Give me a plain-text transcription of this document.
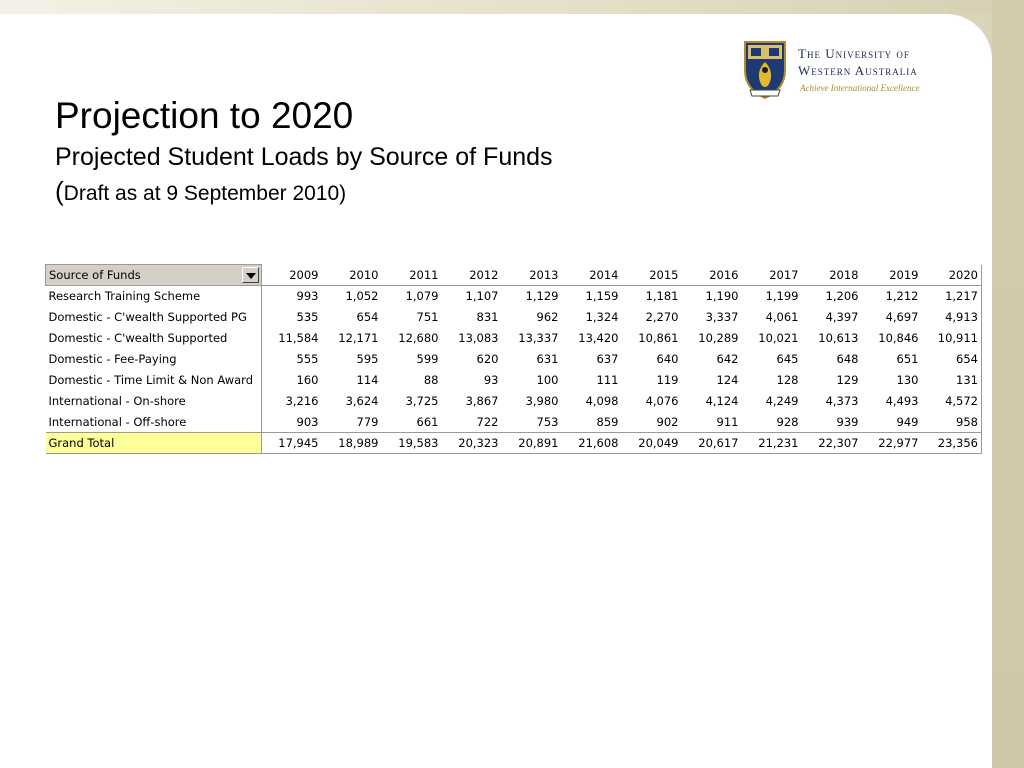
Projection to 2020
Projected Student Loads by Source of Funds
(Draft as at 9 September 2010)
The University of
Western Australia
Achieve International Excellence
Source of Funds	2009	2010	2011	2012	2013	2014	2015	2016	2017	2018	2019	2020
Research Training Scheme	993	1,052	1,079	1,107	1,129	1,159	1,181	1,190	1,199	1,206	1,212	1,217
Domestic - C'wealth Supported PG	535	654	751	831	962	1,324	2,270	3,337	4,061	4,397	4,697	4,913
Domestic - C'wealth Supported	11,584	12,171	12,680	13,083	13,337	13,420	10,861	10,289	10,021	10,613	10,846	10,911
Domestic - Fee-Paying	555	595	599	620	631	637	640	642	645	648	651	654
Domestic - Time Limit & Non Award	160	114	88	93	100	111	119	124	128	129	130	131
International - On-shore	3,216	3,624	3,725	3,867	3,980	4,098	4,076	4,124	4,249	4,373	4,493	4,572
International - Off-shore	903	779	661	722	753	859	902	911	928	939	949	958
Grand Total	17,945	18,989	19,583	20,323	20,891	21,608	20,049	20,617	21,231	22,307	22,977	23,356
